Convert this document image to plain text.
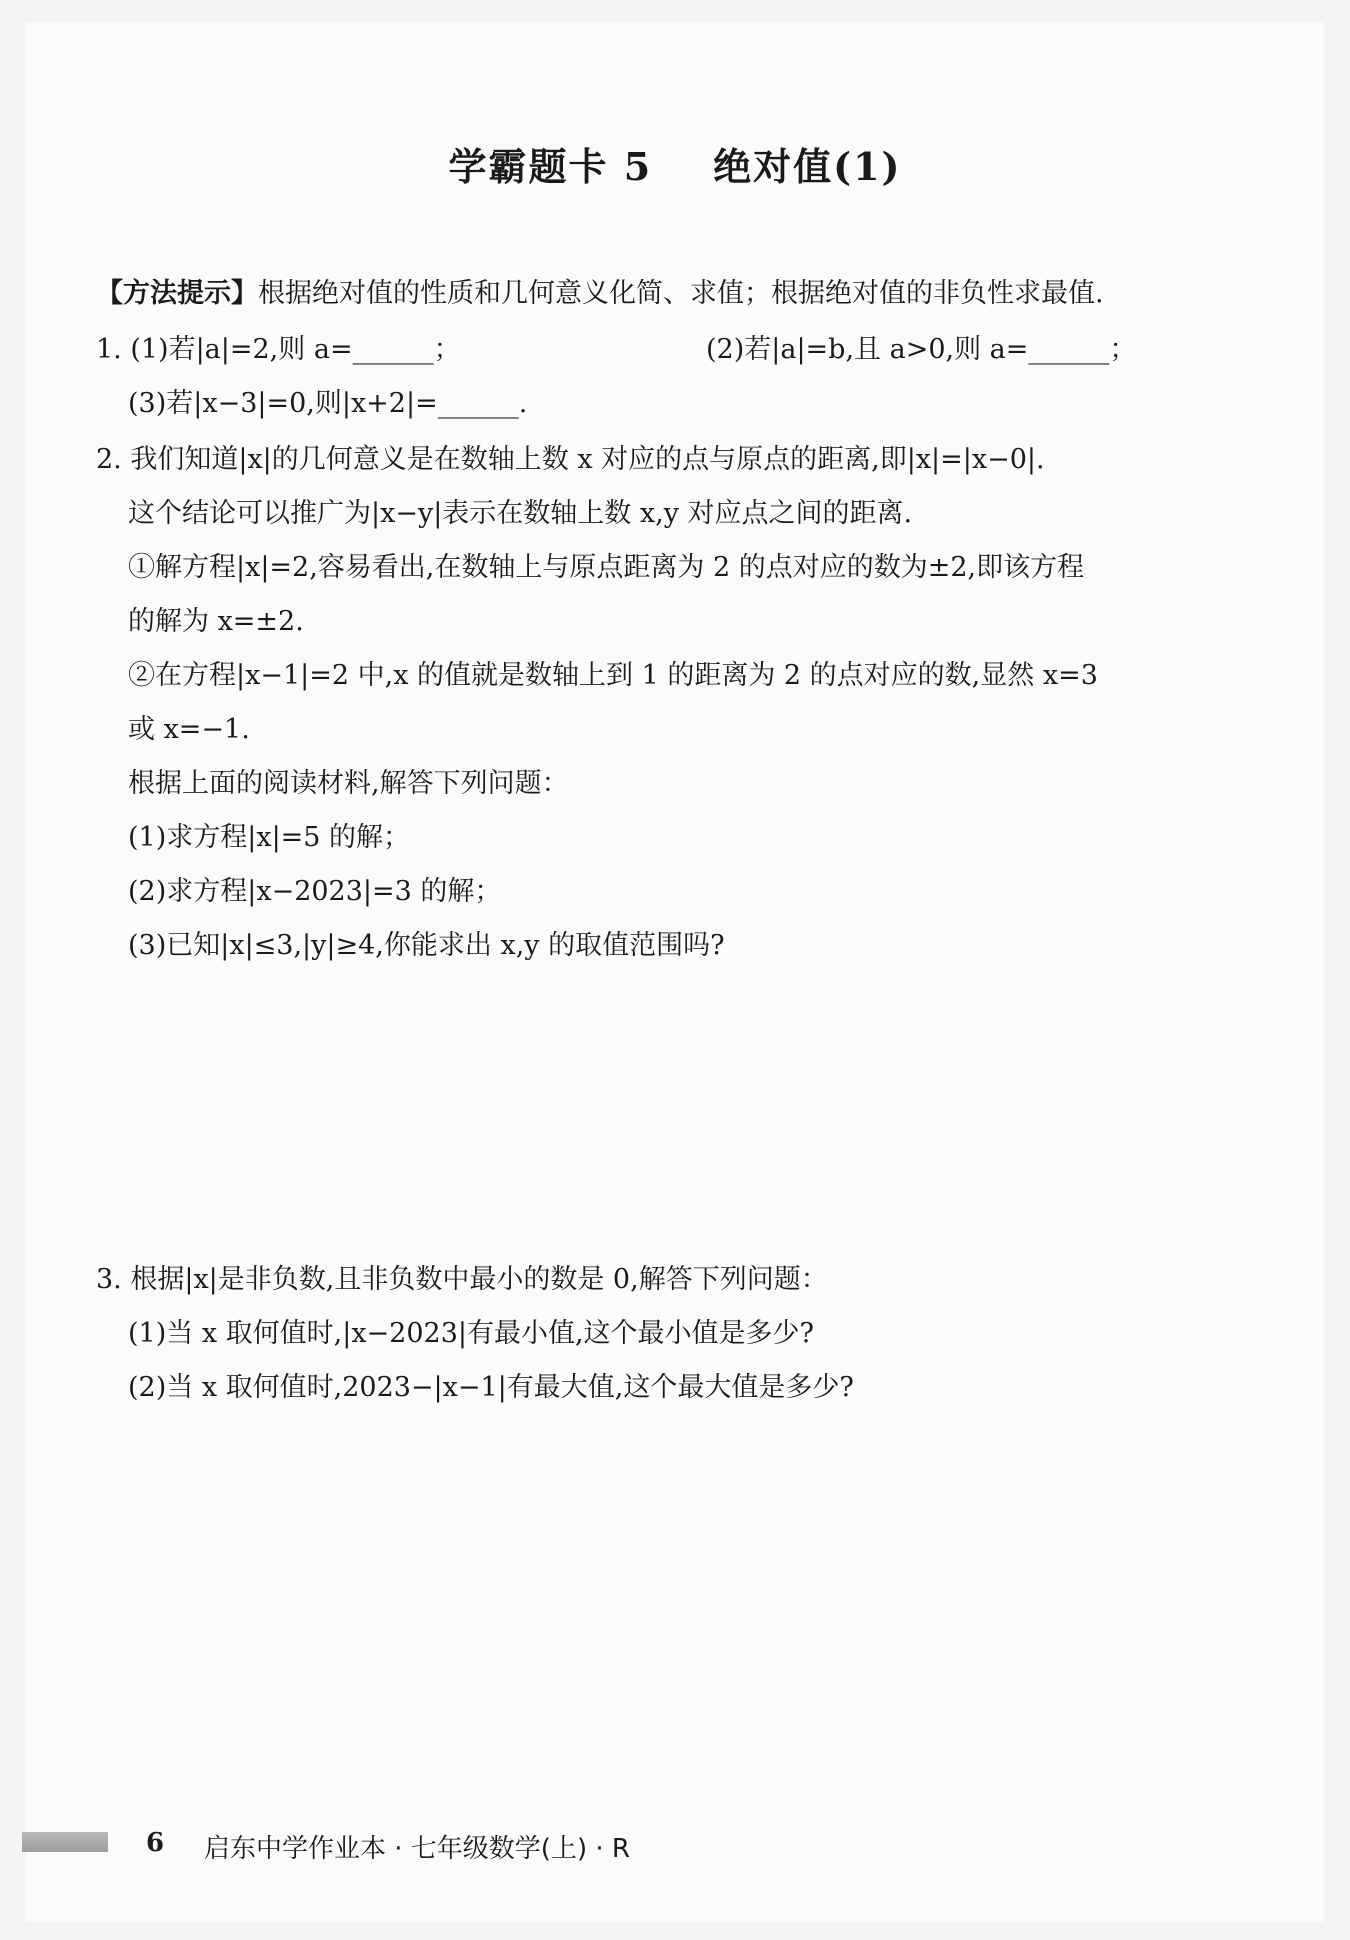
学霸题卡 5    绝对值(1)
【方法提示】根据绝对值的性质和几何意义化简、求值；根据绝对值的非负性求最值.
1. (1)若|a|=2,则 a=______；	(2)若|a|=b,且 a>0,则 a=______；
(3)若|x−3|=0,则|x+2|=______.
2. 我们知道|x|的几何意义是在数轴上数 x 对应的点与原点的距离,即|x|=|x−0|.
这个结论可以推广为|x−y|表示在数轴上数 x,y 对应点之间的距离.
①解方程|x|=2,容易看出,在数轴上与原点距离为 2 的点对应的数为±2,即该方程
的解为 x=±2.
②在方程|x−1|=2 中,x 的值就是数轴上到 1 的距离为 2 的点对应的数,显然 x=3
或 x=−1.
根据上面的阅读材料,解答下列问题：
(1)求方程|x|=5 的解；
(2)求方程|x−2023|=3 的解；
(3)已知|x|≤3,|y|≥4,你能求出 x,y 的取值范围吗?
3. 根据|x|是非负数,且非负数中最小的数是 0,解答下列问题：
(1)当 x 取何值时,|x−2023|有最小值,这个最小值是多少?
(2)当 x 取何值时,2023−|x−1|有最大值,这个最大值是多少?
6 启东中学作业本 · 七年级数学(上) · R
